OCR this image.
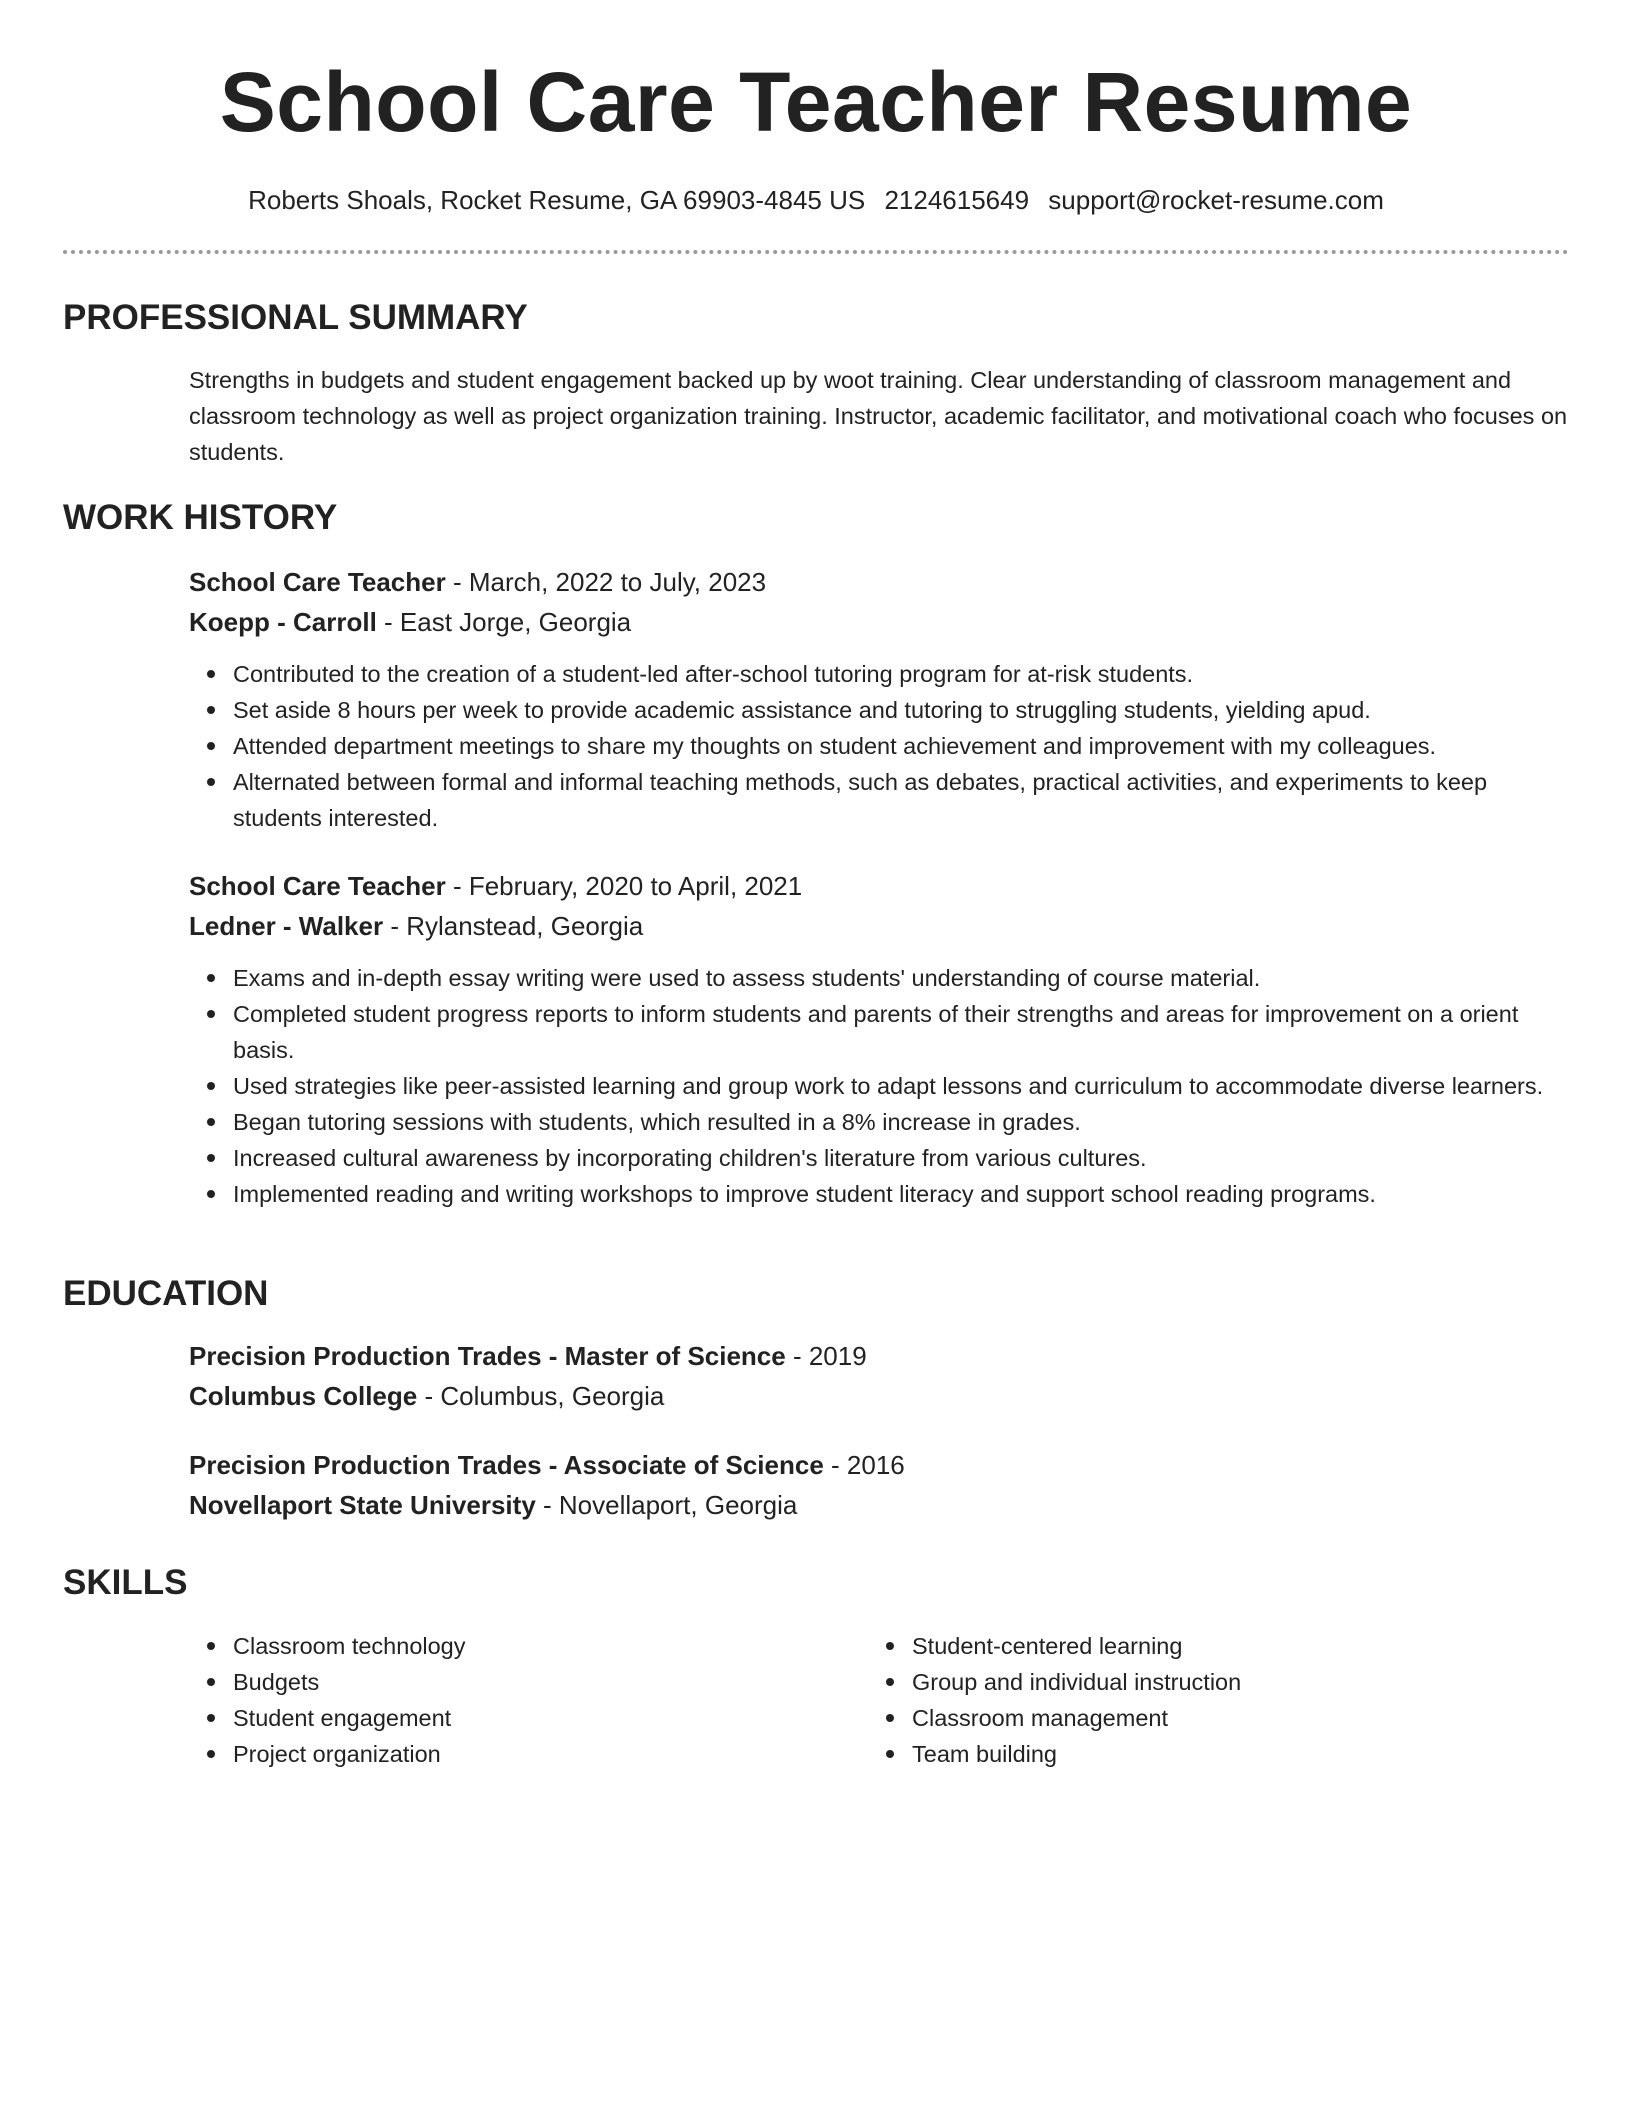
School Care Teacher Resume
Roberts Shoals, Rocket Resume, GA 69903-4845 US 2124615649 support@rocket-resume.com
PROFESSIONAL SUMMARY
Strengths in budgets and student engagement backed up by woot training. Clear understanding of classroom management and classroom technology as well as project organization training. Instructor, academic facilitator, and motivational coach who focuses on students.
WORK HISTORY
School Care Teacher - March, 2022 to July, 2023
Koepp - Carroll - East Jorge, Georgia
Contributed to the creation of a student-led after-school tutoring program for at-risk students.
Set aside 8 hours per week to provide academic assistance and tutoring to struggling students, yielding apud.
Attended department meetings to share my thoughts on student achievement and improvement with my colleagues.
Alternated between formal and informal teaching methods, such as debates, practical activities, and experiments to keep students interested.
School Care Teacher - February, 2020 to April, 2021
Ledner - Walker - Rylanstead, Georgia
Exams and in-depth essay writing were used to assess students' understanding of course material.
Completed student progress reports to inform students and parents of their strengths and areas for improvement on a orient basis.
Used strategies like peer-assisted learning and group work to adapt lessons and curriculum to accommodate diverse learners.
Began tutoring sessions with students, which resulted in a 8% increase in grades.
Increased cultural awareness by incorporating children's literature from various cultures.
Implemented reading and writing workshops to improve student literacy and support school reading programs.
EDUCATION
Precision Production Trades - Master of Science - 2019
Columbus College - Columbus, Georgia
Precision Production Trades - Associate of Science - 2016
Novellaport State University - Novellaport, Georgia
SKILLS
Classroom technology
Budgets
Student engagement
Project organization
Student-centered learning
Group and individual instruction
Classroom management
Team building
